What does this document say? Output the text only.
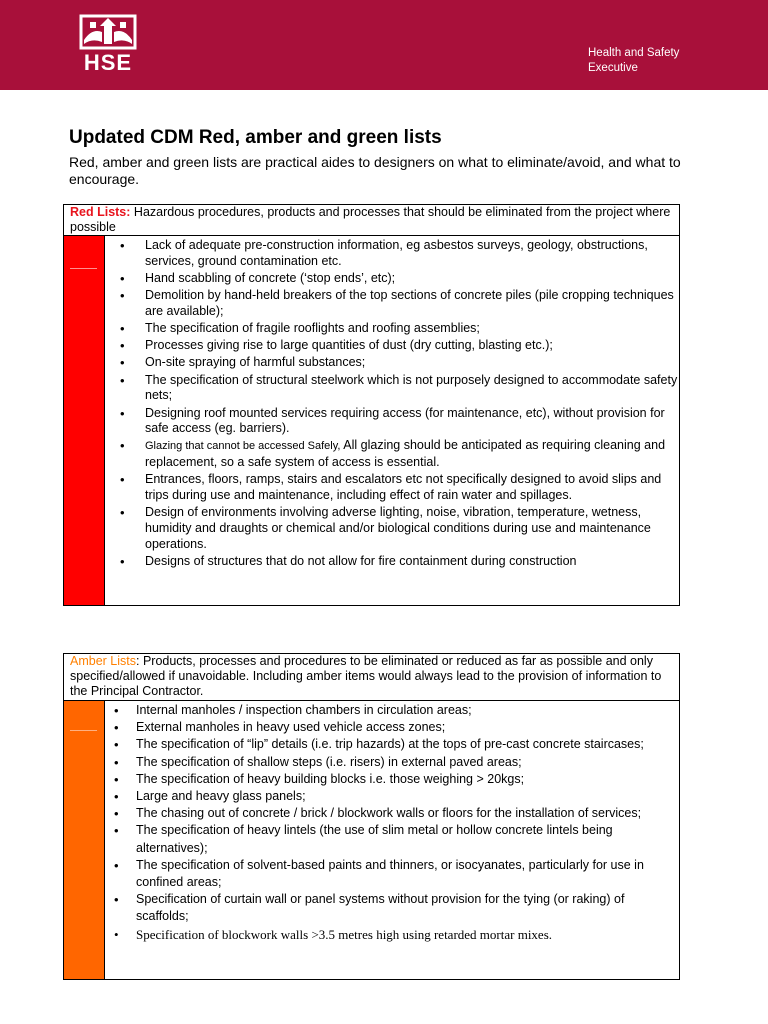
HSE	Health and Safety
Executive
Updated CDM Red, amber and green lists

Red, amber and green lists are practical aides to designers on what to eliminate/avoid, and what to encourage.

Red Lists: Hazardous procedures, products and processes that should be eliminated from the project where possible
• Lack of adequate pre-construction information, eg asbestos surveys, geology, obstructions, services, ground contamination etc.
• Hand scabbling of concrete (‘stop ends’, etc);
• Demolition by hand-held breakers of the top sections of concrete piles (pile cropping techniques are available);
• The specification of fragile rooflights and roofing assemblies;
• Processes giving rise to large quantities of dust (dry cutting, blasting etc.);
• On-site spraying of harmful substances;
• The specification of structural steelwork which is not purposely designed to accommodate safety nets;
• Designing roof mounted services requiring access (for maintenance, etc), without provision for safe access (eg. barriers).
• Glazing that cannot be accessed Safely, All glazing should be anticipated as requiring cleaning and replacement, so a safe system of access is essential.
• Entrances, floors, ramps, stairs and escalators etc not specifically designed to avoid slips and trips during use and maintenance, including effect of rain water and spillages.
• Design of environments involving adverse lighting, noise, vibration, temperature, wetness, humidity and draughts or chemical and/or biological conditions during use and maintenance operations.
• Designs of structures that do not allow for fire containment during construction
Amber Lists: Products, processes and procedures to be eliminated or reduced as far as possible and only specified/allowed if unavoidable. Including amber items would always lead to the provision of information to the Principal Contractor.
• Internal manholes / inspection chambers in circulation areas;
• External manholes in heavy used vehicle access zones;
• The specification of “lip” details (i.e. trip hazards) at the tops of pre-cast concrete staircases;
• The specification of shallow steps (i.e. risers) in external paved areas;
• The specification of heavy building blocks i.e. those weighing > 20kgs;
• Large and heavy glass panels;
• The chasing out of concrete / brick / blockwork walls or floors for the installation of services;
• The specification of heavy lintels (the use of slim metal or hollow concrete lintels being alternatives);
• The specification of solvent-based paints and thinners, or isocyanates, particularly for use in confined areas;
• Specification of curtain wall or panel systems without provision for the tying (or raking) of scaffolds;
• Specification of blockwork walls >3.5 metres high using retarded mortar mixes.
